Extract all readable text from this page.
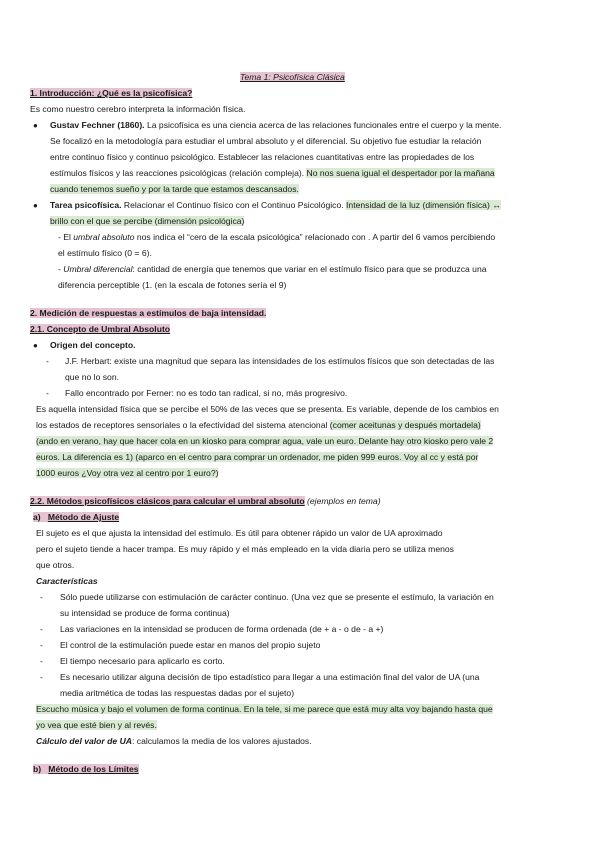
Tema 1: Psicofísica Clásica
1. Introducción: ¿Qué es la psicofísica?
Es como nuestro cerebro interpreta la información física.
● Gustav Fechner (1860). La psicofísica es una ciencia acerca de las relaciones funcionales entre el cuerpo y la mente.
Se focalizó en la metodología para estudiar el umbral absoluto y el diferencial. Su objetivo fue estudiar la relación
entre continuo físico y continuo psicológico. Establecer las relaciones cuantitativas entre las propiedades de los
estímulos físicos y las reacciones psicológicas (relación compleja). No nos suena igual el despertador por la mañana
cuando tenemos sueño y por la tarde que estamos descansados.
● Tarea psicofísica. Relacionar el Continuo físico con el Continuo Psicológico. Intensidad de la luz (dimensión física) ↔
brillo con el que se percibe (dimensión psicológica)
- El umbral absoluto nos indica el “cero de la escala psicológica” relacionado con . A partir del 6 vamos percibiendo
el estímulo físico (0 = 6).
- Umbral diferencial: cantidad de energía que tenemos que variar en el estímulo físico para que se produzca una
diferencia perceptible (1. (en la escala de fotones sería el 9)
2. Medición de respuestas a estímulos de baja intensidad.
2.1. Concepto de Umbral Absoluto
● Origen del concepto.
- J.F. Herbart: existe una magnitud que separa las intensidades de los estímulos físicos que son detectadas de las
que no lo son.
- Fallo encontrado por Ferner: no es todo tan radical, si no, más progresivo.
Es aquella intensidad física que se percibe el 50% de las veces que se presenta. Es variable, depende de los cambios en
los estados de receptores sensoriales o la efectividad del sistema atencional (comer aceitunas y después mortadela)
(ando en verano, hay que hacer cola en un kiosko para comprar agua, vale un euro. Delante hay otro kiosko pero vale 2
euros. La diferencia es 1) (aparco en el centro para comprar un ordenador, me piden 999 euros. Voy al cc y está por
1000 euros ¿Voy otra vez al centro por 1 euro?)
2.2. Métodos psicofísicos clásicos para calcular el umbral absoluto (ejemplos en tema)
a) Método de Ajuste
El sujeto es el que ajusta la intensidad del estímulo. Es útil para obtener rápido un valor de UA aproximado
pero el sujeto tiende a hacer trampa. Es muy rápido y el más empleado en la vida diaria pero se utiliza menos
que otros.
Características
- Sólo puede utilizarse con estimulación de carácter continuo. (Una vez que se presente el estímulo, la variación en
su intensidad se produce de forma continua)
- Las variaciones en la intensidad se producen de forma ordenada (de + a - o de - a +)
- El control de la estimulación puede estar en manos del propio sujeto
- El tiempo necesario para aplicarlo es corto.
- Es necesario utilizar alguna decisión de tipo estadístico para llegar a una estimación final del valor de UA (una
media aritmética de todas las respuestas dadas por el sujeto)
Escucho música y bajo el volumen de forma continua. En la tele, si me parece que está muy alta voy bajando hasta que
yo vea que esté bien y al revés.
Cálculo del valor de UA: calculamos la media de los valores ajustados.
b) Método de los Límites
